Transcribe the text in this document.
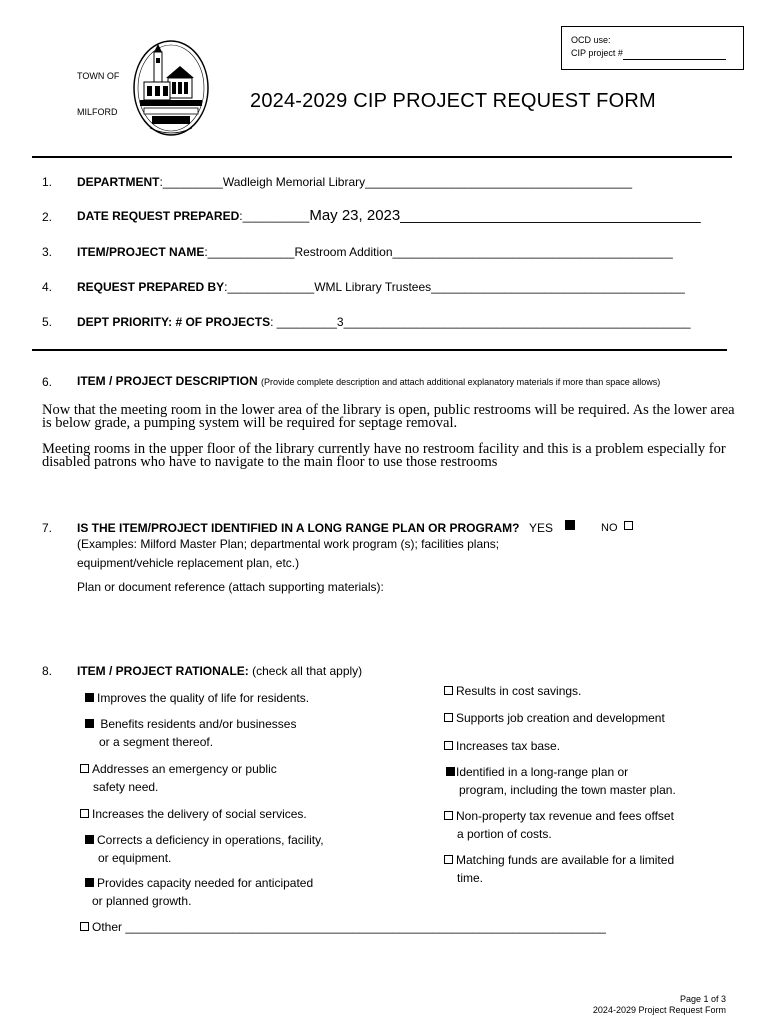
OCD use:
CIP project #
TOWN OF
MILFORD	2024-2029 CIP PROJECT REQUEST FORM
1. DEPARTMENT:_________Wadleigh Memorial Library________________________________________
2. DATE REQUEST PREPARED:__________May 23, 2023____________________________________
3. ITEM/PROJECT NAME:_____________Restroom Addition__________________________________________
4. REQUEST PREPARED BY:_____________WML Library Trustees______________________________________
5. DEPT PRIORITY: # OF PROJECTS: _________3____________________________________________________
6. ITEM / PROJECT DESCRIPTION (Provide complete description and attach additional explanatory materials if more than space allows)
Now that the meeting room in the lower area of the library is open, public restrooms will be required. As the lower area is below grade, a pumping system will be required for septage removal.
Meeting rooms in the upper floor of the library currently have no restroom facility and this is a problem especially for disabled patrons who have to navigate to the main floor to use those restrooms
7. IS THE ITEM/PROJECT IDENTIFIED IN A LONG RANGE PLAN OR PROGRAM? YES	NO
(Examples: Milford Master Plan; departmental work program (s); facilities plans;
equipment/vehicle replacement plan, etc.)
Plan or document reference (attach supporting materials):
8. ITEM / PROJECT RATIONALE: (check all that apply)
Improves the quality of life for residents.
Benefits residents and/or businesses
or a segment thereof.
Addresses an emergency or public
safety need.
Increases the delivery of social services.
Corrects a deficiency in operations, facility,
or equipment.
Provides capacity needed for anticipated
or planned growth.
Results in cost savings.
Supports job creation and development
Increases tax base.
Identified in a long-range plan or
program, including the town master plan.
Non-property tax revenue and fees offset
a portion of costs.
Matching funds are available for a limited
time.
Other ________________________________________________________________________
Page 1 of 3
2024-2029 Project Request Form
